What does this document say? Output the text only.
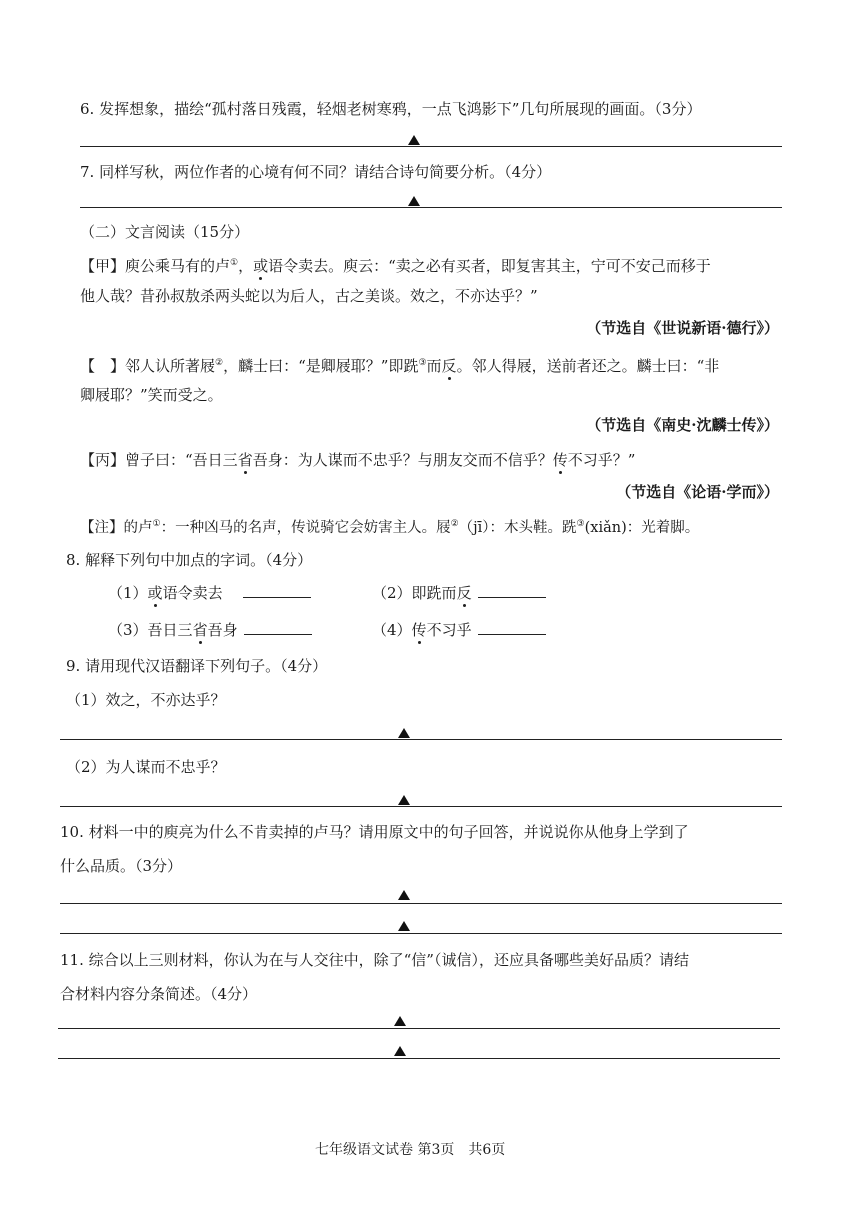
6. 发挥想象，描绘“孤村落日残霞，轻烟老树寒鸦，一点飞鸿影下”几句所展现的画面。（3分）
7. 同样写秋，两位作者的心境有何不同？请结合诗句简要分析。（4分）
（二）文言阅读（15分）
【甲】庾公乘马有的卢①，或语令卖去。庾云：“卖之必有买者，即复害其主，宁可不安己而移于
他人哉？昔孙叔敖杀两头蛇以为后人，古之美谈。效之，不亦达乎？”
（节选自《世说新语·德行》）
【　】邻人认所著屐②，麟士曰：“是卿屐耶？”即跣③而反。邻人得屐，送前者还之。麟士曰：“非
卿屐耶？”笑而受之。
（节选自《南史·沈麟士传》）
【丙】曾子曰：“吾日三省吾身：为人谋而不忠乎？与朋友交而不信乎？传不习乎？”
（节选自《论语·学而》）
【注】的卢①：一种凶马的名声，传说骑它会妨害主人。屐②（jī）：木头鞋。跣③(xiǎn)：光着脚。
8. 解释下列句中加点的字词。（4分）
（1）或语令卖去	（2）即跣而反
（3）吾日三省吾身	（4）传不习乎
9. 请用现代汉语翻译下列句子。（4分）
（1）效之，不亦达乎？
（2）为人谋而不忠乎？
10. 材料一中的庾亮为什么不肯卖掉的卢马？请用原文中的句子回答，并说说你从他身上学到了
什么品质。（3分）
11. 综合以上三则材料，你认为在与人交往中，除了“信”（诚信），还应具备哪些美好品质？请结
合材料内容分条简述。（4分）
七年级语文试卷 第3页　共6页
